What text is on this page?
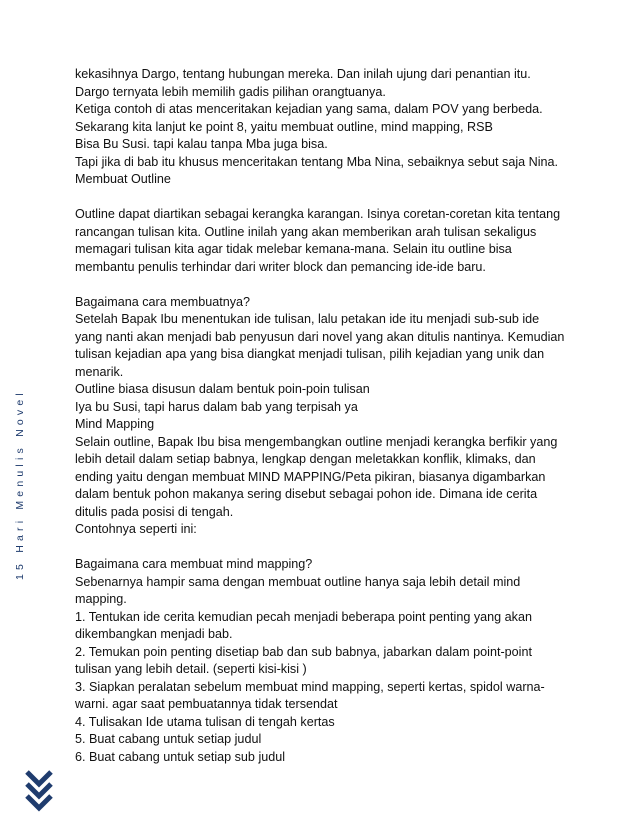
15 Hari Menulis Novel
kekasihnya Dargo, tentang hubungan mereka. Dan inilah ujung dari penantian itu.
Dargo ternyata lebih memilih gadis pilihan orangtuanya.
Ketiga contoh di atas menceritakan kejadian yang sama, dalam POV yang berbeda.
Sekarang kita lanjut ke point 8, yaitu membuat outline, mind mapping, RSB
Bisa Bu Susi. tapi kalau tanpa Mba juga bisa.
Tapi jika di bab itu khusus menceritakan tentang Mba Nina, sebaiknya sebut saja Nina.
Membuat Outline
Outline dapat diartikan sebagai kerangka karangan. Isinya coretan-coretan kita tentang
rancangan tulisan kita. Outline inilah yang akan memberikan arah tulisan sekaligus
memagari tulisan kita agar tidak melebar kemana-mana. Selain itu outline bisa
membantu penulis terhindar dari writer block dan pemancing ide-ide baru.
Bagaimana cara membuatnya?
Setelah Bapak Ibu menentukan ide tulisan, lalu petakan ide itu menjadi sub-sub ide
yang nanti akan menjadi bab penyusun dari novel yang akan ditulis nantinya. Kemudian
tulisan kejadian apa yang bisa diangkat menjadi tulisan, pilih kejadian yang unik dan
menarik.
Outline biasa disusun dalam bentuk poin-poin tulisan
Iya bu Susi, tapi harus dalam bab yang terpisah ya
Mind Mapping
Selain outline, Bapak Ibu bisa mengembangkan outline menjadi kerangka berfikir yang
lebih detail dalam setiap babnya, lengkap dengan meletakkan konflik, klimaks, dan
ending yaitu dengan membuat MIND MAPPING/Peta pikiran, biasanya digambarkan
dalam bentuk pohon makanya sering disebut sebagai pohon ide. Dimana ide cerita
ditulis pada posisi di tengah.
Contohnya seperti ini:
Bagaimana cara membuat mind mapping?
Sebenarnya hampir sama dengan membuat outline hanya saja lebih detail mind
mapping.
1. Tentukan ide cerita kemudian pecah menjadi beberapa point penting yang akan
dikembangkan menjadi bab.
2. Temukan poin penting disetiap bab dan sub babnya, jabarkan dalam point-point
tulisan yang lebih detail. (seperti kisi-kisi )
3. Siapkan peralatan sebelum membuat mind mapping, seperti kertas, spidol warna-
warni. agar saat pembuatannya tidak tersendat
4. Tulisakan Ide utama tulisan di tengah kertas
5. Buat cabang untuk setiap judul
6. Buat cabang untuk setiap sub judul
